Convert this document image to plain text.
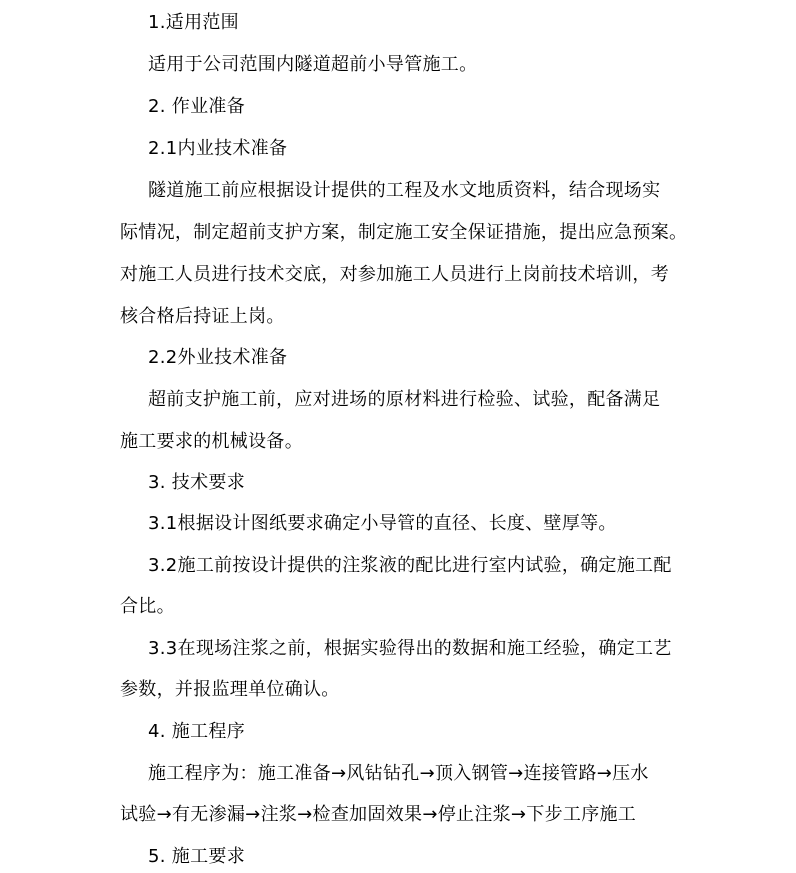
1.适用范围
适用于公司范围内隧道超前小导管施工。
2. 作业准备
2.1内业技术准备
隧道施工前应根据设计提供的工程及水文地质资料，结合现场实
际情况，制定超前支护方案，制定施工安全保证措施，提出应急预案。
对施工人员进行技术交底，对参加施工人员进行上岗前技术培训，考
核合格后持证上岗。
2.2外业技术准备
超前支护施工前，应对进场的原材料进行检验、试验，配备满足
施工要求的机械设备。
3. 技术要求
3.1根据设计图纸要求确定小导管的直径、长度、壁厚等。
3.2施工前按设计提供的注浆液的配比进行室内试验，确定施工配
合比。
3.3在现场注浆之前，根据实验得出的数据和施工经验，确定工艺
参数，并报监理单位确认。
4. 施工程序
施工程序为：施工准备→风钻钻孔→顶入钢管→连接管路→压水
试验→有无渗漏→注浆→检查加固效果→停止注浆→下步工序施工
5. 施工要求
